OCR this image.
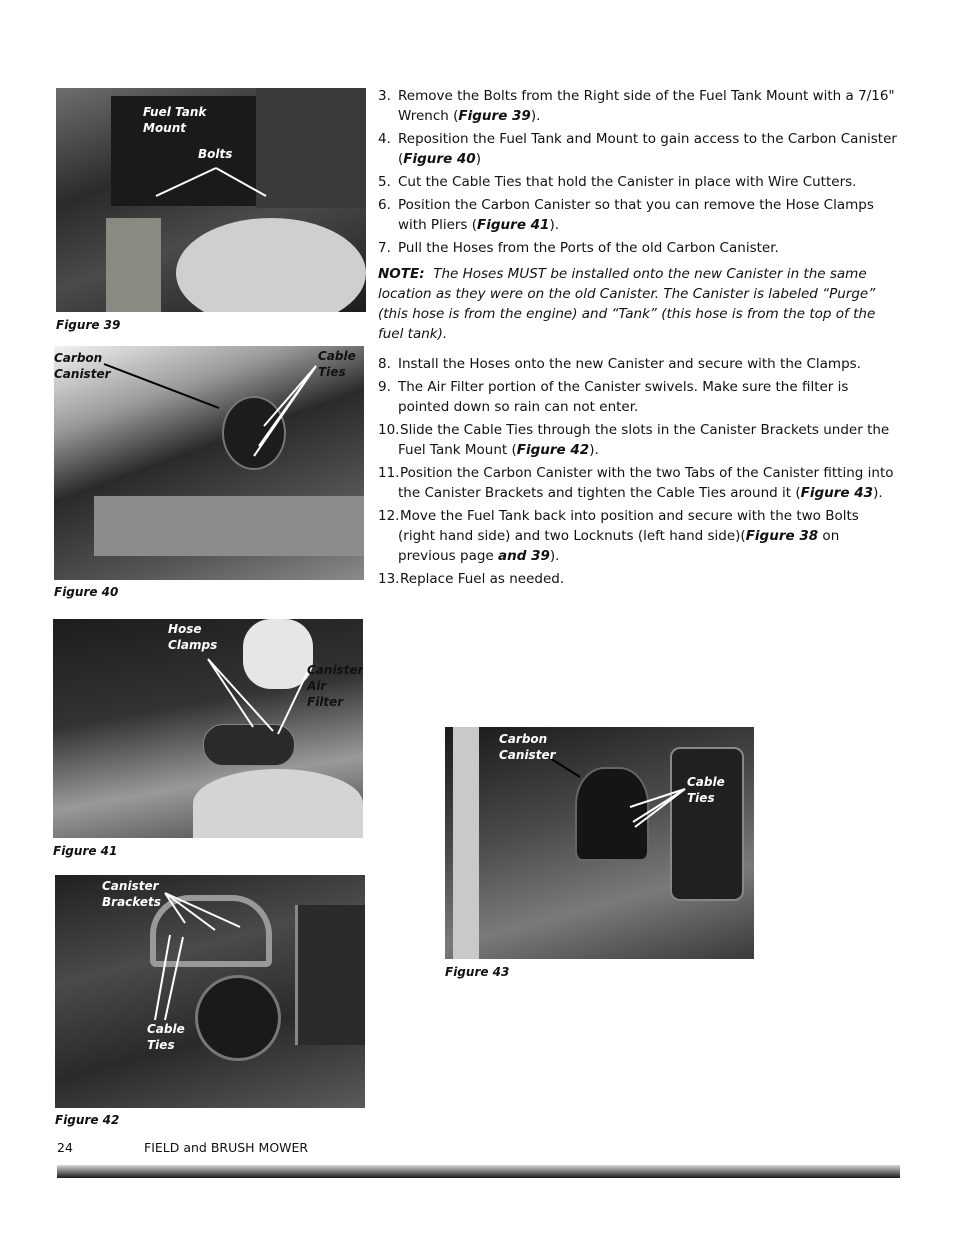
Fuel Tank
Mount
Bolts
Figure 39
Carbon
Canister
Cable
Ties
Figure 40
Hose
Clamps
Canister
Air
Filter
Figure 41
Canister
Brackets
Cable
Ties
Figure 42
Carbon
Canister
Cable
Ties
Figure 43
3. Remove the Bolts from the Right side of the Fuel Tank Mount with a 7/16" Wrench (Figure 39).
4. Reposition the Fuel Tank and Mount to gain access to the Carbon Canister (Figure 40)
5. Cut the Cable Ties that hold the Canister in place with Wire Cutters.
6. Position the Carbon Canister so that you can remove the Hose Clamps with Pliers (Figure 41).
7. Pull the Hoses from the Ports of the old Carbon Canister.
NOTE: The Hoses MUST be installed onto the new Canister in the same location as they were on the old Canister. The Canister is labeled “Purge” (this hose is from the engine) and “Tank” (this hose is from the top of the fuel tank).
8. Install the Hoses onto the new Canister and secure with the Clamps.
9. The Air Filter portion of the Canister swivels. Make sure the filter is pointed down so rain can not enter.
10. Slide the Cable Ties through the slots in the Canister Brackets under the Fuel Tank Mount (Figure 42).
11. Position the Carbon Canister with the two Tabs of the Canister fitting into the Canister Brackets and tighten the Cable Ties around it (Figure 43).
12. Move the Fuel Tank back into position and secure with the two Bolts (right hand side) and two Locknuts (left hand side)(Figure 38 on previous page and 39).
13. Replace Fuel as needed.
24	FIELD and BRUSH MOWER
